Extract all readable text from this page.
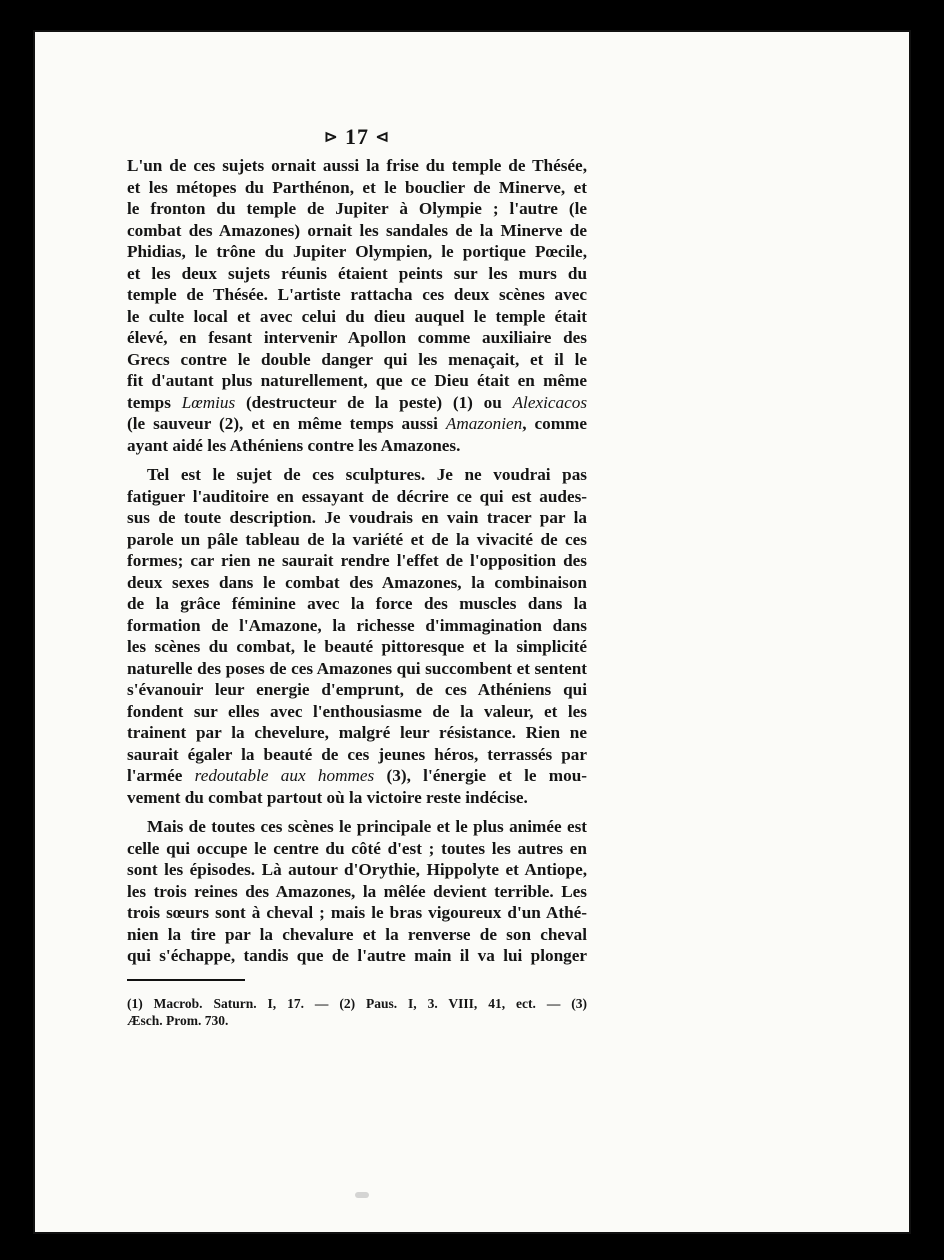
⊳ 17 ⊲

L'un de ces sujets ornait aussi la frise du temple de Thésée,
et les métopes du Parthénon, et le bouclier de Minerve, et
le fronton du temple de Jupiter à Olympie ; l'autre (le
combat des Amazones) ornait les sandales de la Minerve de
Phidias, le trône du Jupiter Olympien, le portique Pœcile,
et les deux sujets réunis étaient peints sur les murs du
temple de Thésée. L'artiste rattacha ces deux scènes avec
le culte local et avec celui du dieu auquel le temple était
élevé, en fesant intervenir Apollon comme auxiliaire des
Grecs contre le double danger qui les menaçait, et il le
fit d'autant plus naturellement, que ce Dieu était en même
temps Lœmius (destructeur de la peste) (1) ou Alexicacos
(le sauveur (2), et en même temps aussi Amazonien, comme
ayant aidé les Athéniens contre les Amazones.

Tel est le sujet de ces sculptures. Je ne voudrai pas
fatiguer l'auditoire en essayant de décrire ce qui est audes-
sus de toute description. Je voudrais en vain tracer par la
parole un pâle tableau de la variété et de la vivacité de ces
formes; car rien ne saurait rendre l'effet de l'opposition des
deux sexes dans le combat des Amazones, la combinaison
de la grâce féminine avec la force des muscles dans la
formation de l'Amazone, la richesse d'immagination dans
les scènes du combat, le beauté pittoresque et la simplicité
naturelle des poses de ces Amazones qui succombent et sentent
s'évanouir leur energie d'emprunt, de ces Athéniens qui
fondent sur elles avec l'enthousiasme de la valeur, et les
trainent par la chevelure, malgré leur résistance. Rien ne
saurait égaler la beauté de ces jeunes héros, terrassés par
l'armée redoutable aux hommes (3), l'énergie et le mou-
vement du combat partout où la victoire reste indécise.

Mais de toutes ces scènes le principale et le plus animée est
celle qui occupe le centre du côté d'est ; toutes les autres en
sont les épisodes. Là autour d'Orythie, Hippolyte et Antiope,
les trois reines des Amazones, la mêlée devient terrible. Les
trois sœurs sont à cheval ; mais le bras vigoureux d'un Athé-
nien la tire par la chevalure et la renverse de son cheval
qui s'échappe, tandis que de l'autre main il va lui plonger

(1) Macrob. Saturn. I, 17. — (2) Paus. I, 3. VIII, 41, ect. — (3)
Æsch. Prom. 730.
